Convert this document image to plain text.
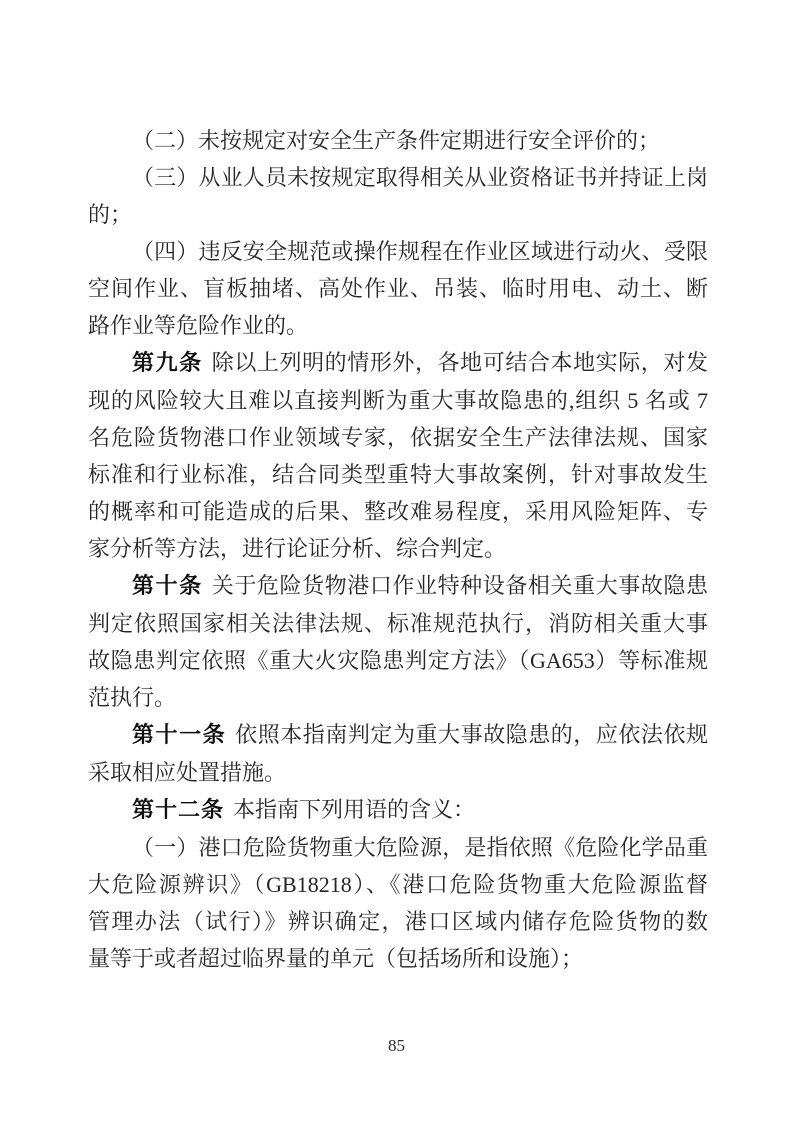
（二）未按规定对安全生产条件定期进行安全评价的；
（三）从业人员未按规定取得相关从业资格证书并持证上岗
的；
（四）违反安全规范或操作规程在作业区域进行动火、受限
空间作业、盲板抽堵、高处作业、吊装、临时用电、动土、断
路作业等危险作业的。
第九条 除以上列明的情形外，各地可结合本地实际，对发
现的风险较大且难以直接判断为重大事故隐患的,组织 5 名或 7
名危险货物港口作业领域专家，依据安全生产法律法规、国家
标准和行业标准，结合同类型重特大事故案例，针对事故发生
的概率和可能造成的后果、整改难易程度，采用风险矩阵、专
家分析等方法，进行论证分析、综合判定。
第十条 关于危险货物港口作业特种设备相关重大事故隐患
判定依照国家相关法律法规、标准规范执行，消防相关重大事
故隐患判定依照《重大火灾隐患判定方法》（GA653）等标准规
范执行。
第十一条 依照本指南判定为重大事故隐患的，应依法依规
采取相应处置措施。
第十二条 本指南下列用语的含义：
（一）港口危险货物重大危险源，是指依照《危险化学品重
大危险源辨识》（GB18218）、《港口危险货物重大危险源监督
管理办法（试行）》辨识确定，港口区域内储存危险货物的数
量等于或者超过临界量的单元（包括场所和设施）；
85
